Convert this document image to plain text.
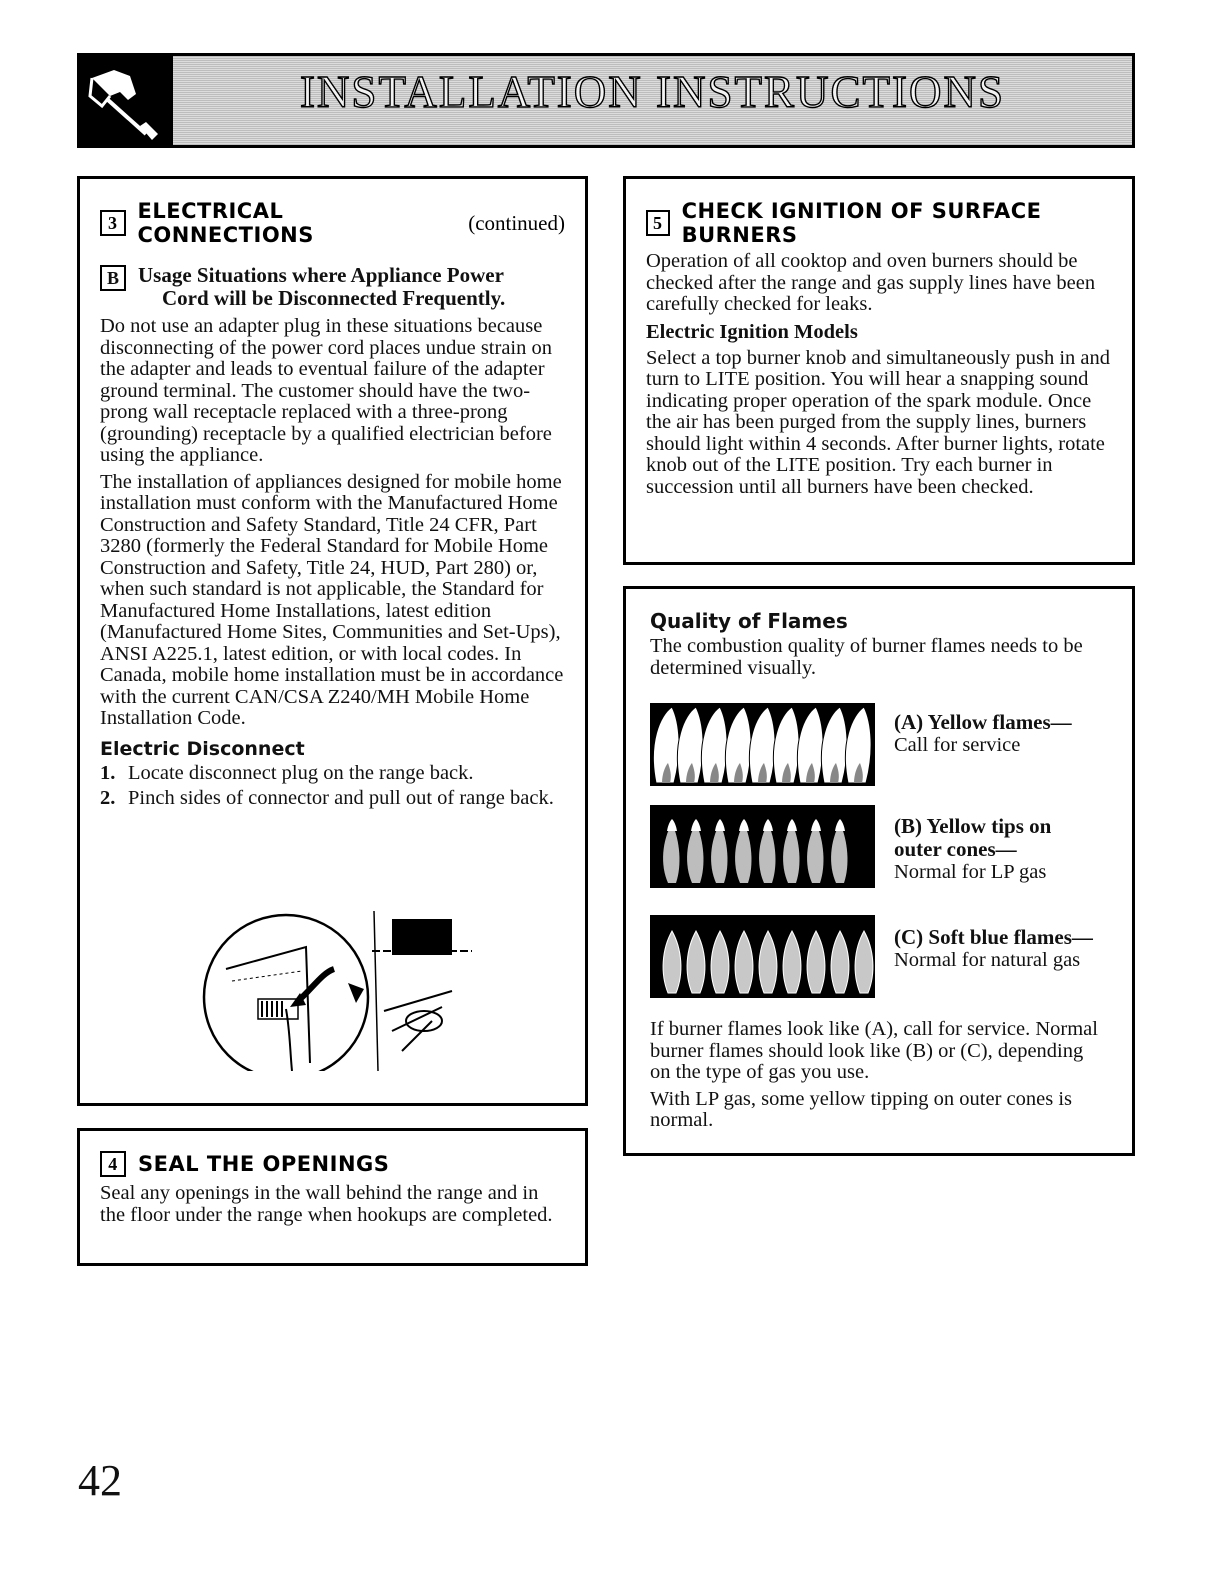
INSTALLATION INSTRUCTIONS
3 ELECTRICAL CONNECTIONS
(continued)
B Usage Situations where Appliance Power
Cord will be Disconnected Frequently.

Do not use an adapter plug in these situations because disconnecting of the power cord places undue strain on the adapter and leads to eventual failure of the adapter ground terminal. The customer should have the two-prong wall receptacle replaced with a three-prong (grounding) receptacle by a qualified electrician before using the appliance.

The installation of appliances designed for mobile home installation must conform with the Manufactured Home Construction and Safety Standard, Title 24 CFR, Part 3280 (formerly the Federal Standard for Mobile Home Construction and Safety, Title 24, HUD, Part 280) or, when such standard is not applicable, the Standard for Manufactured Home Installations, latest edition (Manufactured Home Sites, Communities and Set-Ups), ANSI A225.1, latest edition, or with local codes. In Canada, mobile home installation must be in accordance with the current CAN/CSA Z240/MH Mobile Home Installation Code.

Electric Disconnect
1. Locate disconnect plug on the range back.
2. Pinch sides of connector and pull out of range back.
4 SEAL THE OPENINGS

Seal any openings in the wall behind the range and in the floor under the range when hookups are completed.

5 CHECK IGNITION OF SURFACE BURNERS

Operation of all cooktop and oven burners should be checked after the range and gas supply lines have been carefully checked for leaks.

Electric Ignition Models

Select a top burner knob and simultaneously push in and turn to LITE position. You will hear a snapping sound indicating proper operation of the spark module. Once the air has been purged from the supply lines, burners should light within 4 seconds. After burner lights, rotate knob out of the LITE position. Try each burner in succession until all burners have been checked.

Quality of Flames

The combustion quality of burner flames needs to be determined visually.

(A) Yellow flames—
Call for service
(B) Yellow tips on
outer cones—
Normal for LP gas
(C) Soft blue flames—
Normal for natural gas

If burner flames look like (A), call for service. Normal burner flames should look like (B) or (C), depending on the type of gas you use.

With LP gas, some yellow tipping on outer cones is normal.

42
